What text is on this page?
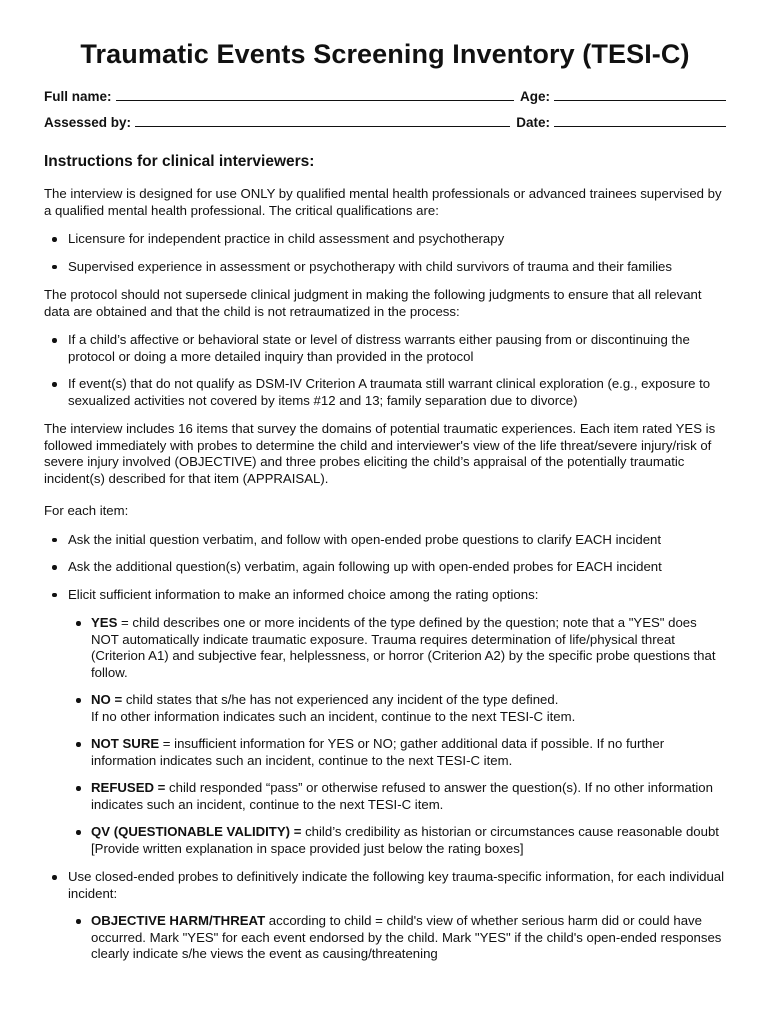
Traumatic Events Screening Inventory (TESI-C)
Full name:	Age:
Assessed by:	Date:
Instructions for clinical interviewers:

The interview is designed for use ONLY by qualified mental health professionals or advanced trainees supervised by a qualified mental health professional. The critical qualifications are:

Licensure for independent practice in child assessment and psychotherapy
Supervised experience in assessment or psychotherapy with child survivors of trauma and their families

The protocol should not supersede clinical judgment in making the following judgments to ensure that all relevant data are obtained and that the child is not retraumatized in the process:

If a child’s affective or behavioral state or level of distress warrants either pausing from or discontinuing the protocol or doing a more detailed inquiry than provided in the protocol
If event(s) that do not qualify as DSM-IV Criterion A traumata still warrant clinical exploration (e.g., exposure to sexualized activities not covered by items #12 and 13; family separation due to divorce)

The interview includes 16 items that survey the domains of potential traumatic experiences. Each item rated YES is followed immediately with probes to determine the child and interviewer's view of the life threat/severe injury/risk of severe injury involved (OBJECTIVE) and three probes eliciting the child’s appraisal of the potentially traumatic incident(s) described for that item (APPRAISAL).

For each item:

Ask the initial question verbatim, and follow with open-ended probe questions to clarify EACH incident
Ask the additional question(s) verbatim, again following up with open-ended probes for EACH incident
Elicit sufficient information to make an informed choice among the rating options:
YES = child describes one or more incidents of the type defined by the question; note that a "YES" does NOT automatically indicate traumatic exposure. Trauma requires determination of life/physical threat (Criterion A1) and subjective fear, helplessness, or horror (Criterion A2) by the specific probe questions that follow.
NO = child states that s/he has not experienced any incident of the type defined.
If no other information indicates such an incident, continue to the next TESI-C item.
NOT SURE = insufficient information for YES or NO; gather additional data if possible. If no further information indicates such an incident, continue to the next TESI-C item.
REFUSED = child responded “pass” or otherwise refused to answer the question(s). If no other information indicates such an incident, continue to the next TESI-C item.
QV (QUESTIONABLE VALIDITY) = child’s credibility as historian or circumstances cause reasonable doubt [Provide written explanation in space provided just below the rating boxes]
Use closed-ended probes to definitively indicate the following key trauma-specific information, for each individual incident:
OBJECTIVE HARM/THREAT according to child = child's view of whether serious harm did or could have occurred. Mark "YES" for each event endorsed by the child. Mark "YES" if the child's open-ended responses clearly indicate s/he views the event as causing/threatening
